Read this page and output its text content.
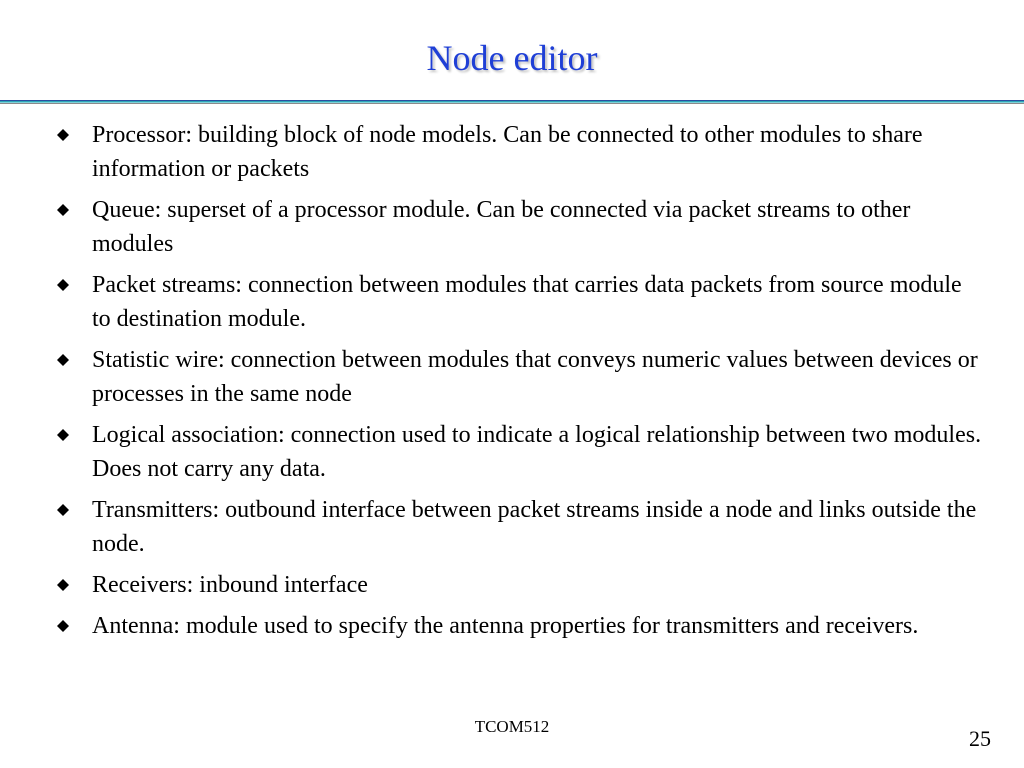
Node editor
Processor: building block of node models. Can be connected to other modules to share information or packets
Queue: superset of a processor module. Can be connected via packet streams to other modules
Packet streams: connection between modules that carries data packets from source module to destination module.
Statistic wire: connection between modules that conveys numeric values between devices or processes in the same node
Logical association: connection used to indicate a logical relationship between two modules. Does not carry any data.
Transmitters: outbound interface between packet streams inside a node and links outside the node.
Receivers: inbound interface
Antenna: module used to specify the antenna properties for transmitters and receivers.
TCOM512	25
